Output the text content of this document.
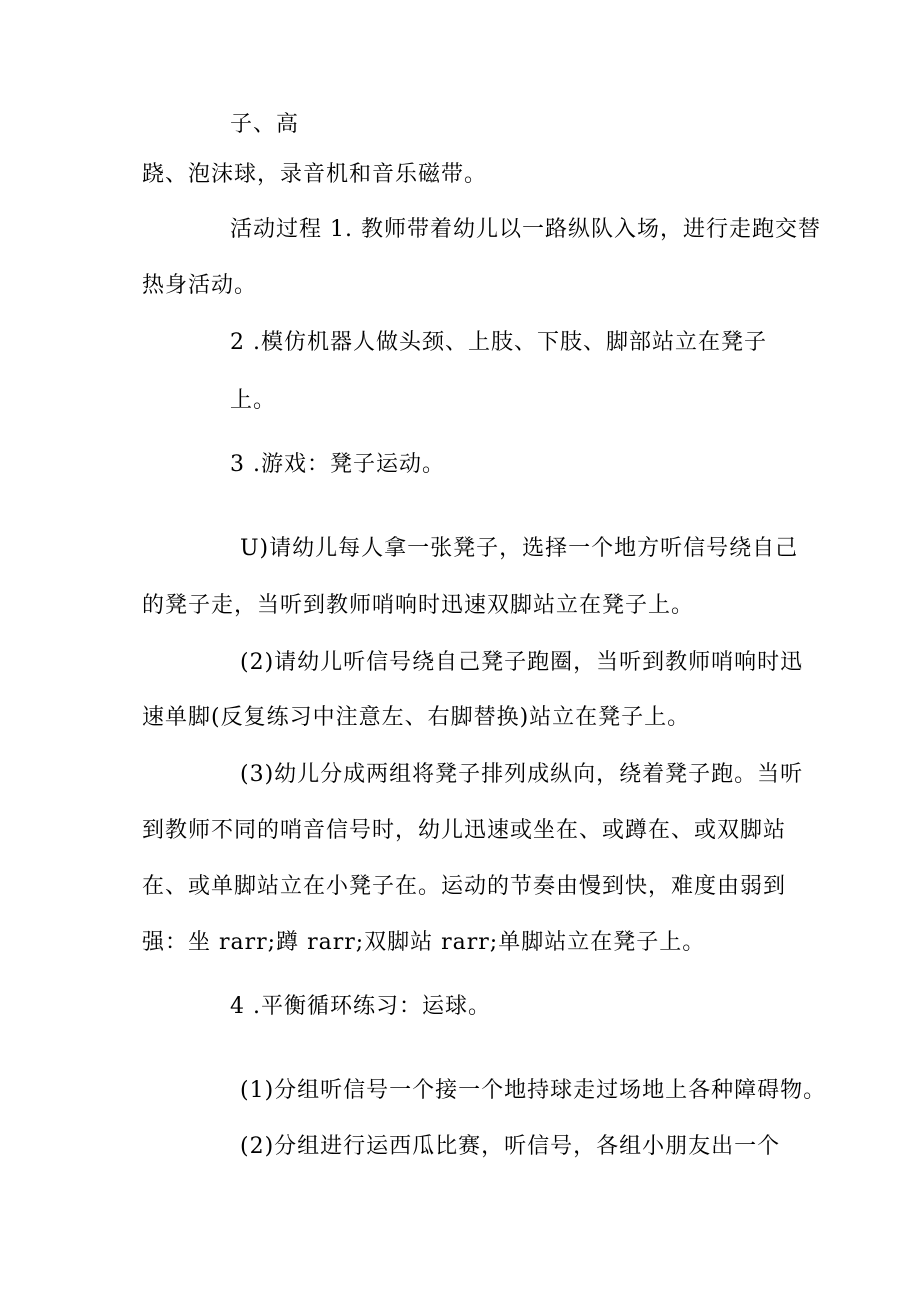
子、高
跷、泡沫球，录音机和音乐磁带。
活动过程 1. 教师带着幼儿以一路纵队入场，进行走跑交替
热身活动。
2 .模仿机器人做头颈、上肢、下肢、脚部站立在凳子
上。
3 .游戏：凳子运动。
U)请幼儿每人拿一张凳子，选择一个地方听信号绕自己
的凳子走，当听到教师哨响时迅速双脚站立在凳子上。
(2)请幼儿听信号绕自己凳子跑圈，当听到教师哨响时迅
速单脚(反复练习中注意左、右脚替换)站立在凳子上。
(3)幼儿分成两组将凳子排列成纵向，绕着凳子跑。当听
到教师不同的哨音信号时，幼儿迅速或坐在、或蹲在、或双脚站
在、或单脚站立在小凳子在。运动的节奏由慢到快，难度由弱到
强：坐 rarr;蹲 rarr;双脚站 rarr;单脚站立在凳子上。
4 .平衡循环练习：运球。
(1)分组听信号一个接一个地持球走过场地上各种障碍物。
(2)分组进行运西瓜比赛，听信号，各组小朋友出一个
